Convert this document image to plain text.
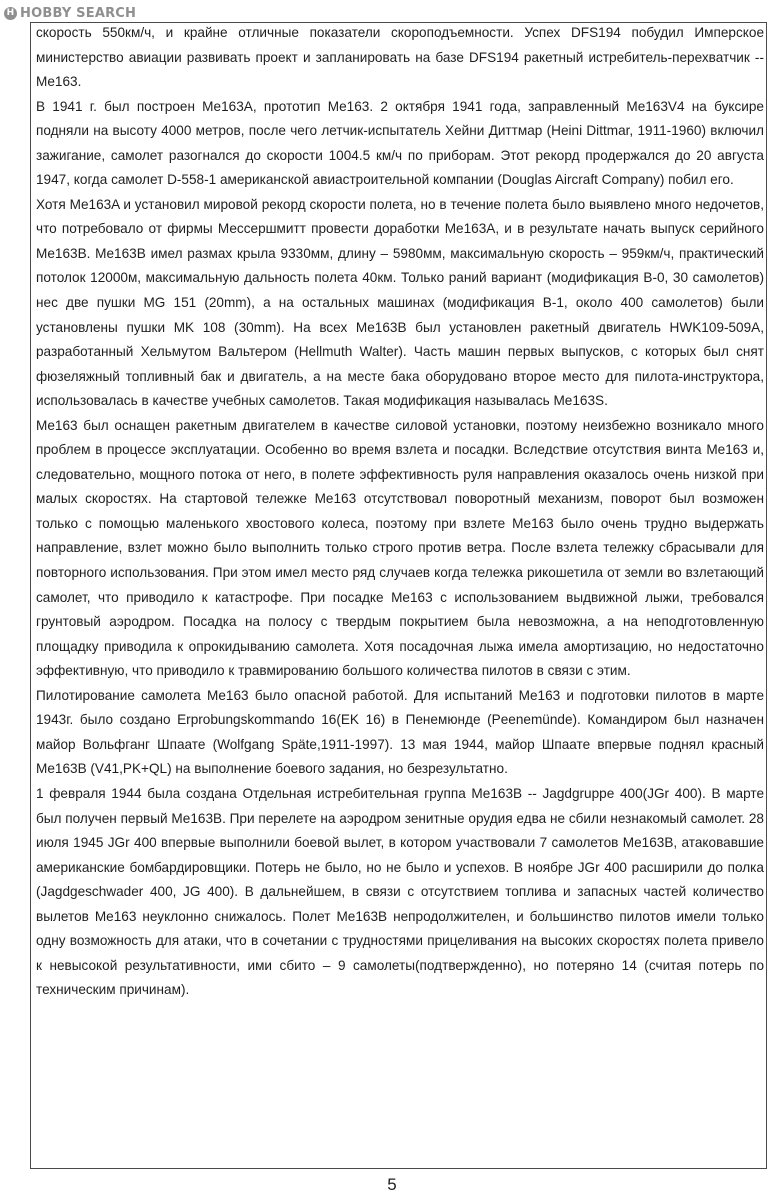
H HOBBY SEARCH

скорость 550км/ч, и крайне отличные показатели скороподъемности. Успех DFS194 побудил Имперское министерство авиации развивать проект и запланировать на базе DFS194 ракетный истребитель-перехватчик -- Me163.

В 1941 г. был построен Me163A, прототип Me163. 2 октября 1941 года, заправленный Me163V4 на буксире подняли на высоту 4000 метров, после чего летчик-испытатель Хейни Диттмар (Heini Dittmar, 1911-1960) включил зажигание, самолет разогнался до скорости 1004.5 км/ч по приборам. Этот рекорд продержался до 20 августа 1947, когда самолет D-558-1 американской авиастроительной компании (Douglas Aircraft Company) побил его.

Хотя Me163A и установил мировой рекорд скорости полета, но в течение полета было выявлено много недочетов, что потребовало от фирмы Мессершмитт провести доработки Me163A, и в результате начать выпуск серийного Me163B. Me163B имел размах крыла 9330мм, длину – 5980мм, максимальную скорость – 959км/ч, практический потолок 12000м, максимальную дальность полета 40км. Только раний вариант (модификация B-0, 30 самолетов) нес две пушки MG 151 (20mm), а на остальных машинах (модификация B-1, около 400 самолетов) были установлены пушки MK 108 (30mm). На всех Me163B был установлен ракетный двигатель HWK109-509A, разработанный Хельмутом Вальтером (Hellmuth Walter). Часть машин первых выпусков, с которых был снят фюзеляжный топливный бак и двигатель, а на месте бака оборудовано второе место для пилота-инструктора, использовалась в качестве учебных самолетов. Такая модификация называлась Me163S.

Me163 был оснащен ракетным двигателем в качестве силовой установки, поэтому неизбежно возникало много проблем в процессе эксплуатации. Особенно во время взлета и посадки. Вследствие отсутствия винта Me163 и, следовательно, мощного потока от него, в полете эффективность руля направления оказалось очень низкой при малых скоростях. На стартовой тележке Me163 отсутствовал поворотный механизм, поворот был возможен только с помощью маленького хвостового колеса, поэтому при взлете Me163 было очень трудно выдержать направление, взлет можно было выполнить только строго против ветра. После взлета тележку сбрасывали для повторного использования. При этом имел место ряд случаев когда тележка рикошетила от земли во взлетающий самолет, что приводило к катастрофе. При посадке Me163 с использованием выдвижной лыжи, требовался грунтовый аэродром. Посадка на полосу с твердым покрытием была невозможна, а на неподготовленную площадку приводила к опрокидыванию самолета. Хотя посадочная лыжа имела амортизацию, но недостаточно эффективную, что приводило к травмированию большого количества пилотов в связи с этим.

Пилотирование самолета Me163 было опасной работой. Для испытаний Me163 и подготовки пилотов в марте 1943г. было создано Erprobungskommando 16(EK 16) в Пенемюнде (Peenemünde). Командиром был назначен майор Вольфганг Шпаате (Wolfgang Späte,1911-1997). 13 мая 1944, майор Шпаате впервые поднял красный Me163B (V41,PK+QL) на выполнение боевого задания, но безрезультатно.

1 февраля 1944 была создана Отдельная истребительная группа Me163B -- Jagdgruppe 400(JGr 400). В марте был получен первый Me163B. При перелете на аэродром зенитные орудия едва не сбили незнакомый самолет. 28 июля 1945 JGr 400 впервые выполнили боевой вылет, в котором участвовали 7 самолетов Me163B, атаковавшие американские бомбардировщики. Потерь не было, но не было и успехов. В ноябре JGr 400 расширили до полка (Jagdgeschwader 400, JG 400). В дальнейшем, в связи с отсутствием топлива и запасных частей количество вылетов Me163 неуклонно снижалось. Полет Me163B непродолжителен, и большинство пилотов имели только одну возможность для атаки, что в сочетании с трудностями прицеливания на высоких скоростях полета привело к невысокой результативности, ими сбито – 9 самолеты(подтвержденно), но потеряно 14 (считая потерь по техническим причинам).

5
